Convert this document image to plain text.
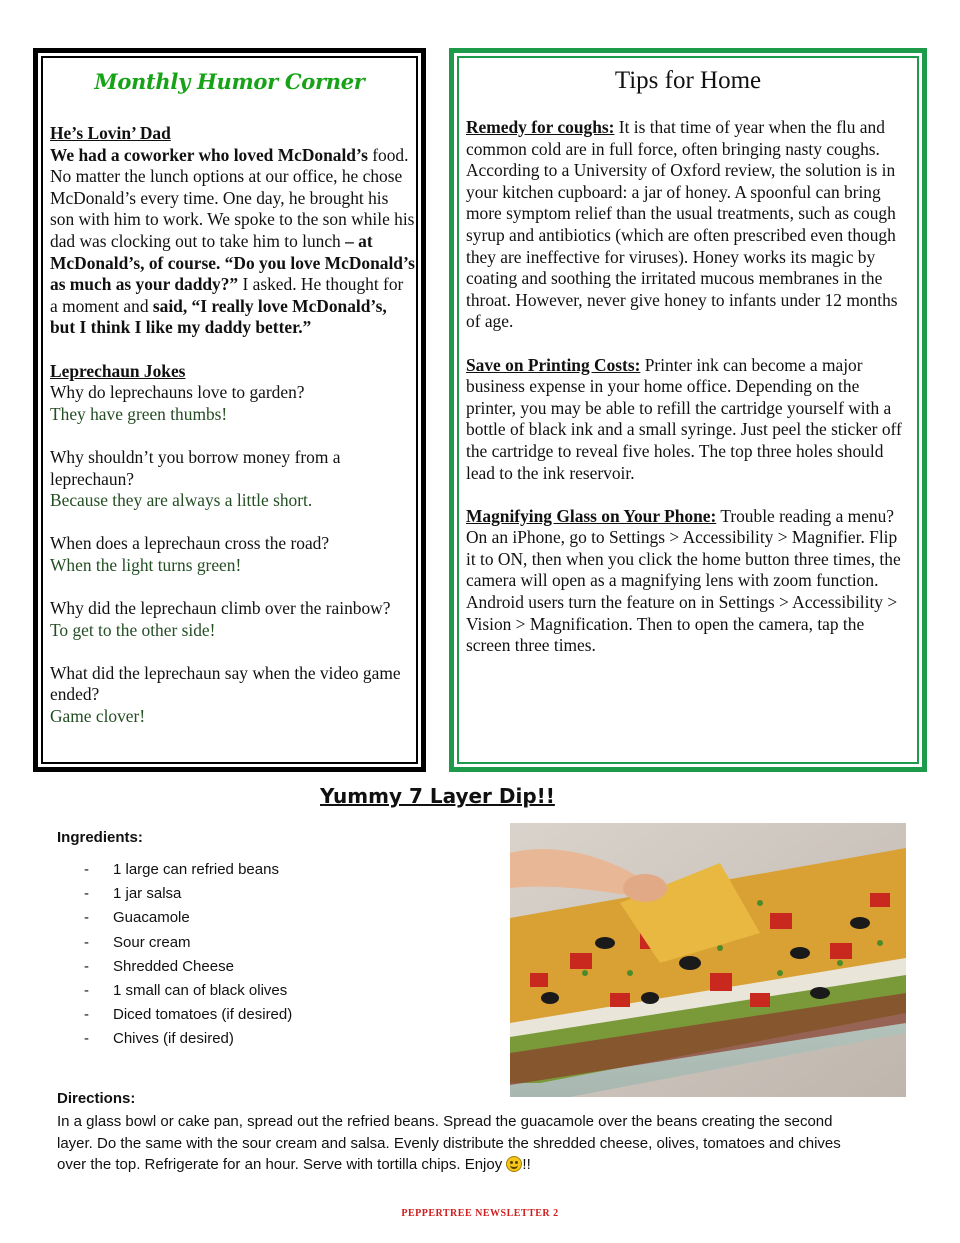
Monthly Humor Corner
He’s Lovin’ Dad

We had a coworker who loved McDonald’s food. No matter the lunch options at our office, he chose McDonald’s every time. One day, he brought his son with him to work. We spoke to the son while his dad was clocking out to take him to lunch – at McDonald’s, of course. “Do you love McDonald’s as much as your daddy?” I asked. He thought for a moment and said, “I really love McDonald’s, but I think I like my daddy better.”

Leprechaun Jokes
Why do leprechauns love to garden?
They have green thumbs!
Why shouldn’t you borrow money from a leprechaun?
Because they are always a little short.
When does a leprechaun cross the road?
When the light turns green!
Why did the leprechaun climb over the rainbow?
To get to the other side!
What did the leprechaun say when the video game ended?
Game clover!
Tips for Home

Remedy for coughs: It is that time of year when the flu and common cold are in full force, often bringing nasty coughs. According to a University of Oxford review, the solution is in your kitchen cupboard: a jar of honey. A spoonful can bring more symptom relief than the usual treatments, such as cough syrup and antibiotics (which are often prescribed even though they are ineffective for viruses). Honey works its magic by coating and soothing the irritated mucous membranes in the throat. However, never give honey to infants under 12 months of age.

Save on Printing Costs: Printer ink can become a major business expense in your home office. Depending on the printer, you may be able to refill the cartridge yourself with a bottle of black ink and a small syringe. Just peel the sticker off the cartridge to reveal five holes. The top three holes should lead to the ink reservoir.

Magnifying Glass on Your Phone: Trouble reading a menu? On an iPhone, go to Settings > Accessibility > Magnifier. Flip it to ON, then when you click the home button three times, the camera will open as a magnifying lens with zoom function. Android users turn the feature on in Settings > Accessibility > Vision > Magnification. Then to open the camera, tap the screen three times.

Yummy 7 Layer Dip!!
Ingredients:
- 1 large can refried beans
- 1 jar salsa
- Guacamole
- Sour cream
- Shredded Cheese
- 1 small can of black olives
- Diced tomatoes (if desired)
- Chives (if desired)
Directions:
In a glass bowl or cake pan, spread out the refried beans. Spread the guacamole over the beans creating the second layer. Do the same with the sour cream and salsa. Evenly distribute the shredded cheese, olives, tomatoes and chives over the top. Refrigerate for an hour. Serve with tortilla chips. Enjoy !!
PEPPERTREE NEWSLETTER 2
